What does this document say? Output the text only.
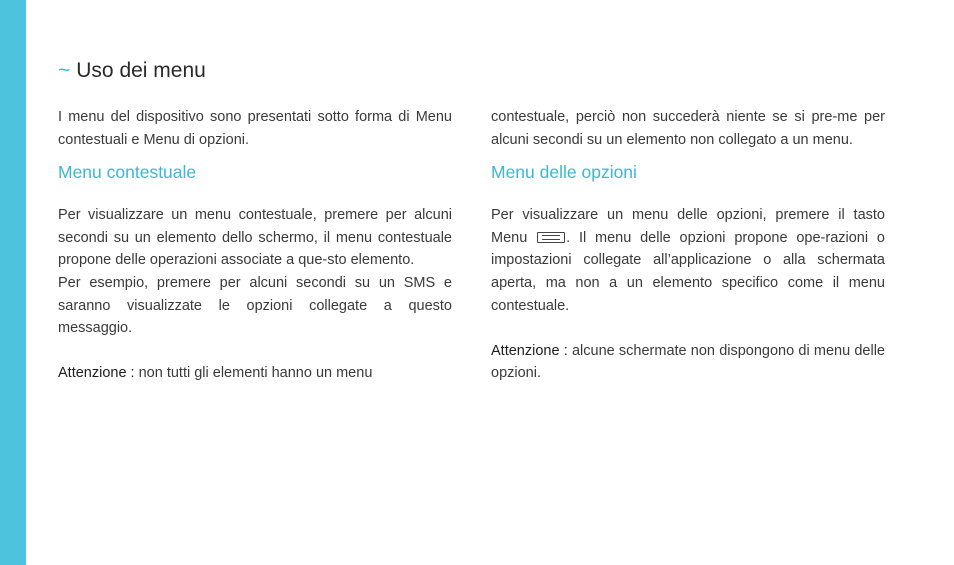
~ Uso dei menu

I menu del dispositivo sono presentati sotto forma di Menu contestuali e Menu di opzioni.

Menu contestuale

Per visualizzare un menu contestuale, premere per alcuni secondi su un elemento dello schermo, il menu contestuale propone delle operazioni associate a que-sto elemento.

Per esempio, premere per alcuni secondi su un SMS e saranno visualizzate le opzioni collegate a questo messaggio.

Attenzione : non tutti gli elementi hanno un menu

contestuale, perciò non succederà niente se si pre-me per alcuni secondi su un elemento non collegato a un menu.

Menu delle opzioni

Per visualizzare un menu delle opzioni, premere il tasto Menu . Il menu delle opzioni propone ope-razioni o impostazioni collegate all’applicazione o alla schermata aperta, ma non a un elemento specifico come il menu contestuale.

Attenzione : alcune schermate non dispongono di menu delle opzioni.
